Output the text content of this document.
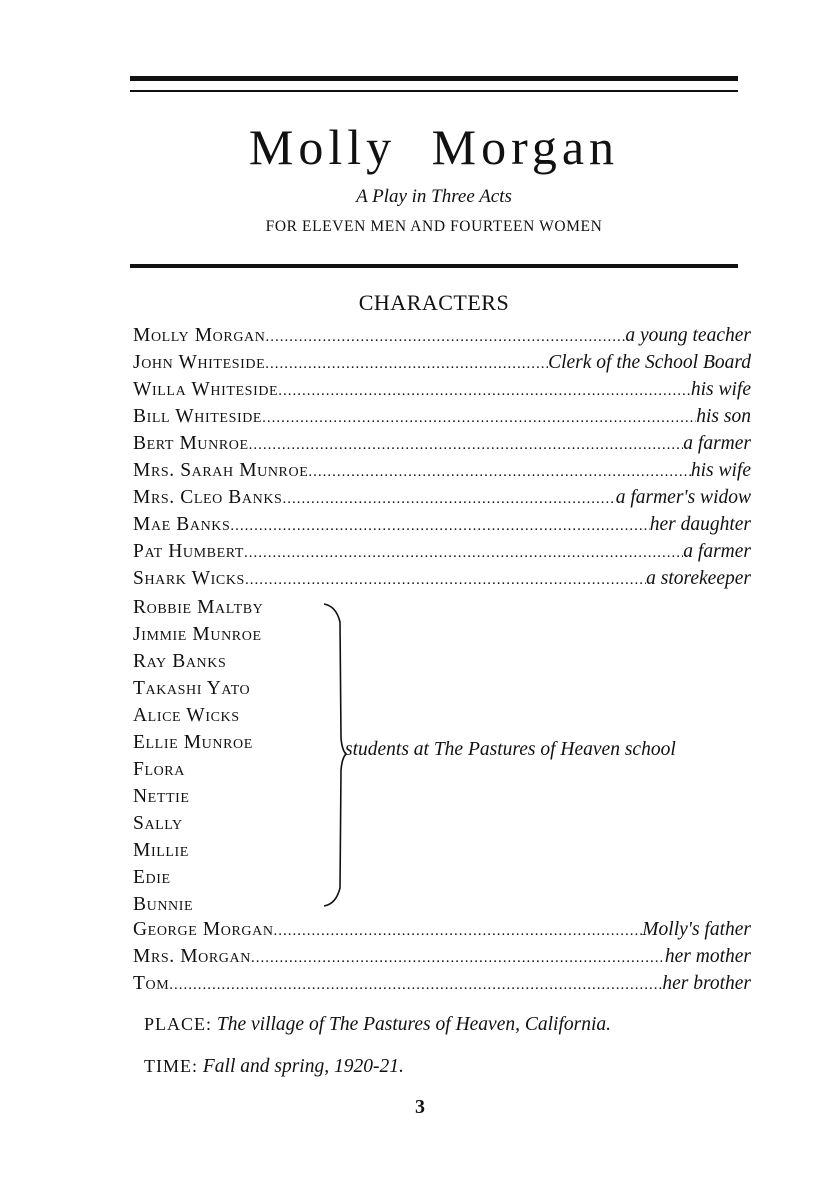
Molly Morgan
A Play in Three Acts
FOR ELEVEN MEN AND FOURTEEN WOMEN
CHARACTERS
Molly Morgan .....	a young teacher
John Whiteside .....	Clerk of the School Board
Willa Whiteside .....	his wife
Bill Whiteside .....	his son
Bert Munroe .....	a farmer
Mrs. Sarah Munroe .....	his wife
Mrs. Cleo Banks .....	a farmer's widow
Mae Banks .....	her daughter
Pat Humbert .....	a farmer
Shark Wicks .....	a storekeeper
Robbie Maltby
Jimmie Munroe
Ray Banks
Takashi Yato
Alice Wicks
Ellie Munroe
Flora
Nettie
Sally
Millie
Edie
Bunnie
students at The Pastures of Heaven school
George Morgan .....	Molly's father
Mrs. Morgan .....	her mother
Tom .....	her brother
PLACE: The village of The Pastures of Heaven, California.
TIME: Fall and spring, 1920-21.
3
